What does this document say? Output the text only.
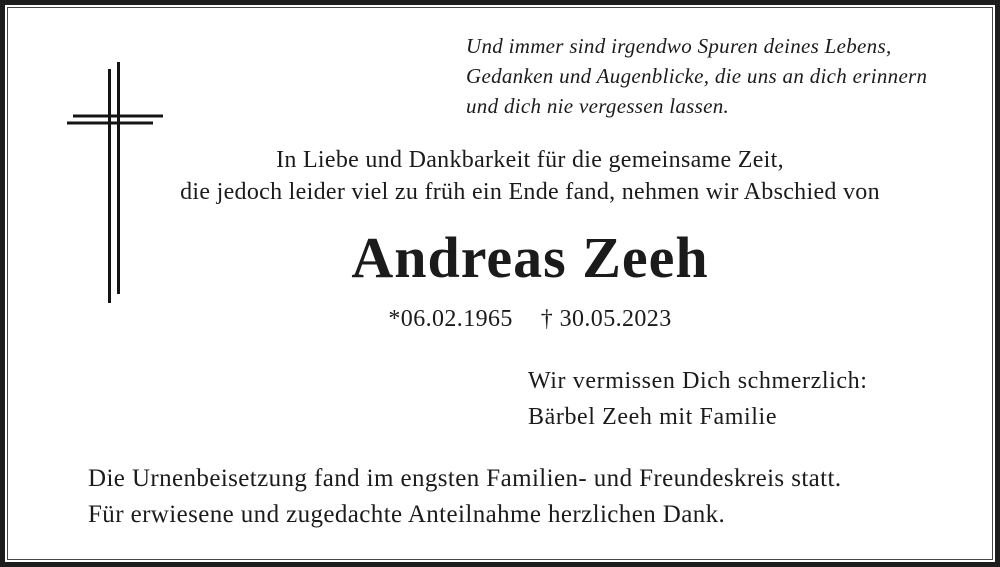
Und immer sind irgendwo Spuren deines Lebens,
Gedanken und Augenblicke, die uns an dich erinnern
und dich nie vergessen lassen.
In Liebe und Dankbarkeit für die gemeinsame Zeit,
die jedoch leider viel zu früh ein Ende fand, nehmen wir Abschied von
Andreas Zeeh
*06.02.1965 † 30.05.2023
Wir vermissen Dich schmerzlich:
Bärbel Zeeh mit Familie
Die Urnenbeisetzung fand im engsten Familien- und Freundeskreis statt.
Für erwiesene und zugedachte Anteilnahme herzlichen Dank.
